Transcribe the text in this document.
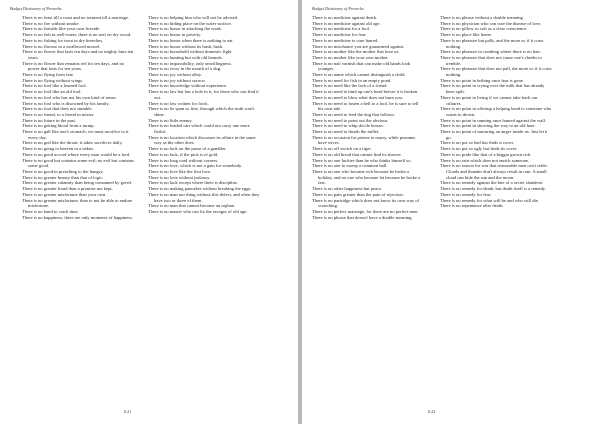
Budget Dictionary of Proverbs
There is no feast till a roast and no torment till a marriage.
There is no fire without smoke.
There is no fireside like your own fireside.
There is no fish in well-water, there is no seal on dry wood.
There is no fishing for trout in dry breeches.
There is no flavour in a swallowed morsel.
There is no flower that lasts ten days and no mighty lasts ten years.
There is no flower that remains red for ten days, and no power that lasts for ten years.
There is no flying from fate.
There is no flying without wings.
There is no fool like a learned fool.
There is no fool like an old fool.
There is no fool who has not his own kind of sense.
There is no fool who is disowned by his family.
There is no foot that does not stumble.
There is no friend, to a friend in mister.
There is no future in the past.
There is no getting blood from a turnip.
There is no gall like one's stomach; we must sacrifice to it every day.
There is no god like the throat: it takes sacrifices daily.
There is no going to heaven in a sedan.
There is no good accord where every man would be a lord.
There is no good but contains some evil; no evil but contains some good.
There is no good in preaching to the hungry.
There is no greater beauty than that of logic.
There is no greater calamity than being consumed by greed.
There is no greater fraud than a promise not kept.
There is no greater misfortune than your own.
There is no greater misfortune, than to not be able to endure misfortune.
There is no hand to catch time.
There is no happiness; there are only moments of happiness.
There is no helping him who will not be advised.
There is no hiding place on the water surface.
There is no honor in attacking the weak.
There is no honor in poverty.
There is no honor when there is nothing to eat.
There is no house without its hush, hush.
There is no household without domestic fight.
There is no hunting but with old hounds.
There is no impossibility, only unwillingness.
There is no ivory in the mouth of a dog.
There is no joy without alloy.
There is no joy without sorrow.
There is no knowledge without experience.
There is no law but has a hole in it, for those who can find it out.
There is no law written for fools.
There is no lie spun so fine, through which the truth won't shine.
There is no little enemy.
There is no loaded cart which could not carry one more fistful.
There is no location which discusses its affairs in the same way as the other does.
There is no luck on the purse of a gambler.
There is no luck, if the pick is of gold.
There is no long road without corners.
There is no love, which is not a gain for somebody.
There is no love like the first love.
There is no love without jealousy.
There is no luck except where there is discipline.
There is no making pancakes without breaking the eggs.
There is no man nor thing without this defect, and often they have two or three of them.
There is no man that cannot become an orphan.
There is no master who can fix the ravages of old age.
6.21
Budget Dictionary of Proverbs
There is no medicine against death.
There is no medicine against old age.
There is no medicine for a fool.
There is no medicine for fear.
There is no medicine to cure hatred.
There is no mischance you are guaranteed against.
There is no mother like the mother that bore us.
There is no mother like your own mother.
There is no nail varnish that can make old hands look younger.
There is no name which cannot distinguish a child.
There is no need for fish in an empty pond.
There is no need like the lack of a friend.
There is no need to bind up one's head before it is broken.
There is no need to blow what does not burn you.
There is no need to fasten a bell to a fool, he is sure to tell his own tale.
There is no need to feed the dog that follows.
There is no need to point out the obvious.
There is no need to whip docile horses.
There is no need to thrash the millet.
There is no occasion for priests to marry, while peasants have wives.
There is no off switch on a tiger.
There is no old bread that cannot find its shower.
There is no one luckier than he who thinks himself so.
There is no one to sweep a common hall.
There is no one who became rich because he broke a holiday, and no one who became fat because he broke a fast.
There is no other happiness but peace.
There is no pain greater than the pain of rejection.
There is no partridge which does not know its own way of scratching.
There is no perfect marriage, for there are no perfect men.
There is no phrase that doesn't have a double meaning.
There is no phrase without a double meaning.
There is no physician who can cure the disease of love.
There is no pillow so soft as a clear conscience.
There is no place like home.
There is no pleasure but palls, and the more so if it costs nothing.
There is no pleasure in combing where there is no hair.
There is no pleasure that does not cause one's cheeks to tremble.
There is no pleasure that does not pall, the more so if it costs nothing.
There is no point in bribing once fear is gone.
There is no point in crying over the milk that has already been spilt.
There is no point in living if we cannot take back our cultures.
There is no point in offering a helping hand to someone who wants to drown.
There is no point in running once hunted against the wall.
There is no point in showing the way to an old hare.
There is no point of nurturing an anger inside us. Just let it go.
There is no pot so bad but finds it cover.
There is no pot so ugly but finds its cover.
There is no pride like that of a beggar grown rich.
There is no rain which does not enrich someone.
There is no reason for war that reasonable men can't settle. Clouds and thunder don't always result in rain. A small cloud can hide the sun and the moon.
There is no remedy against the bite of a secret slanderer.
There is no remedy for death, but death itself is a remedy.
There is no remedy for fear.
There is no remedy for what will be and who will die.
There is no repentance after death.
6.22
